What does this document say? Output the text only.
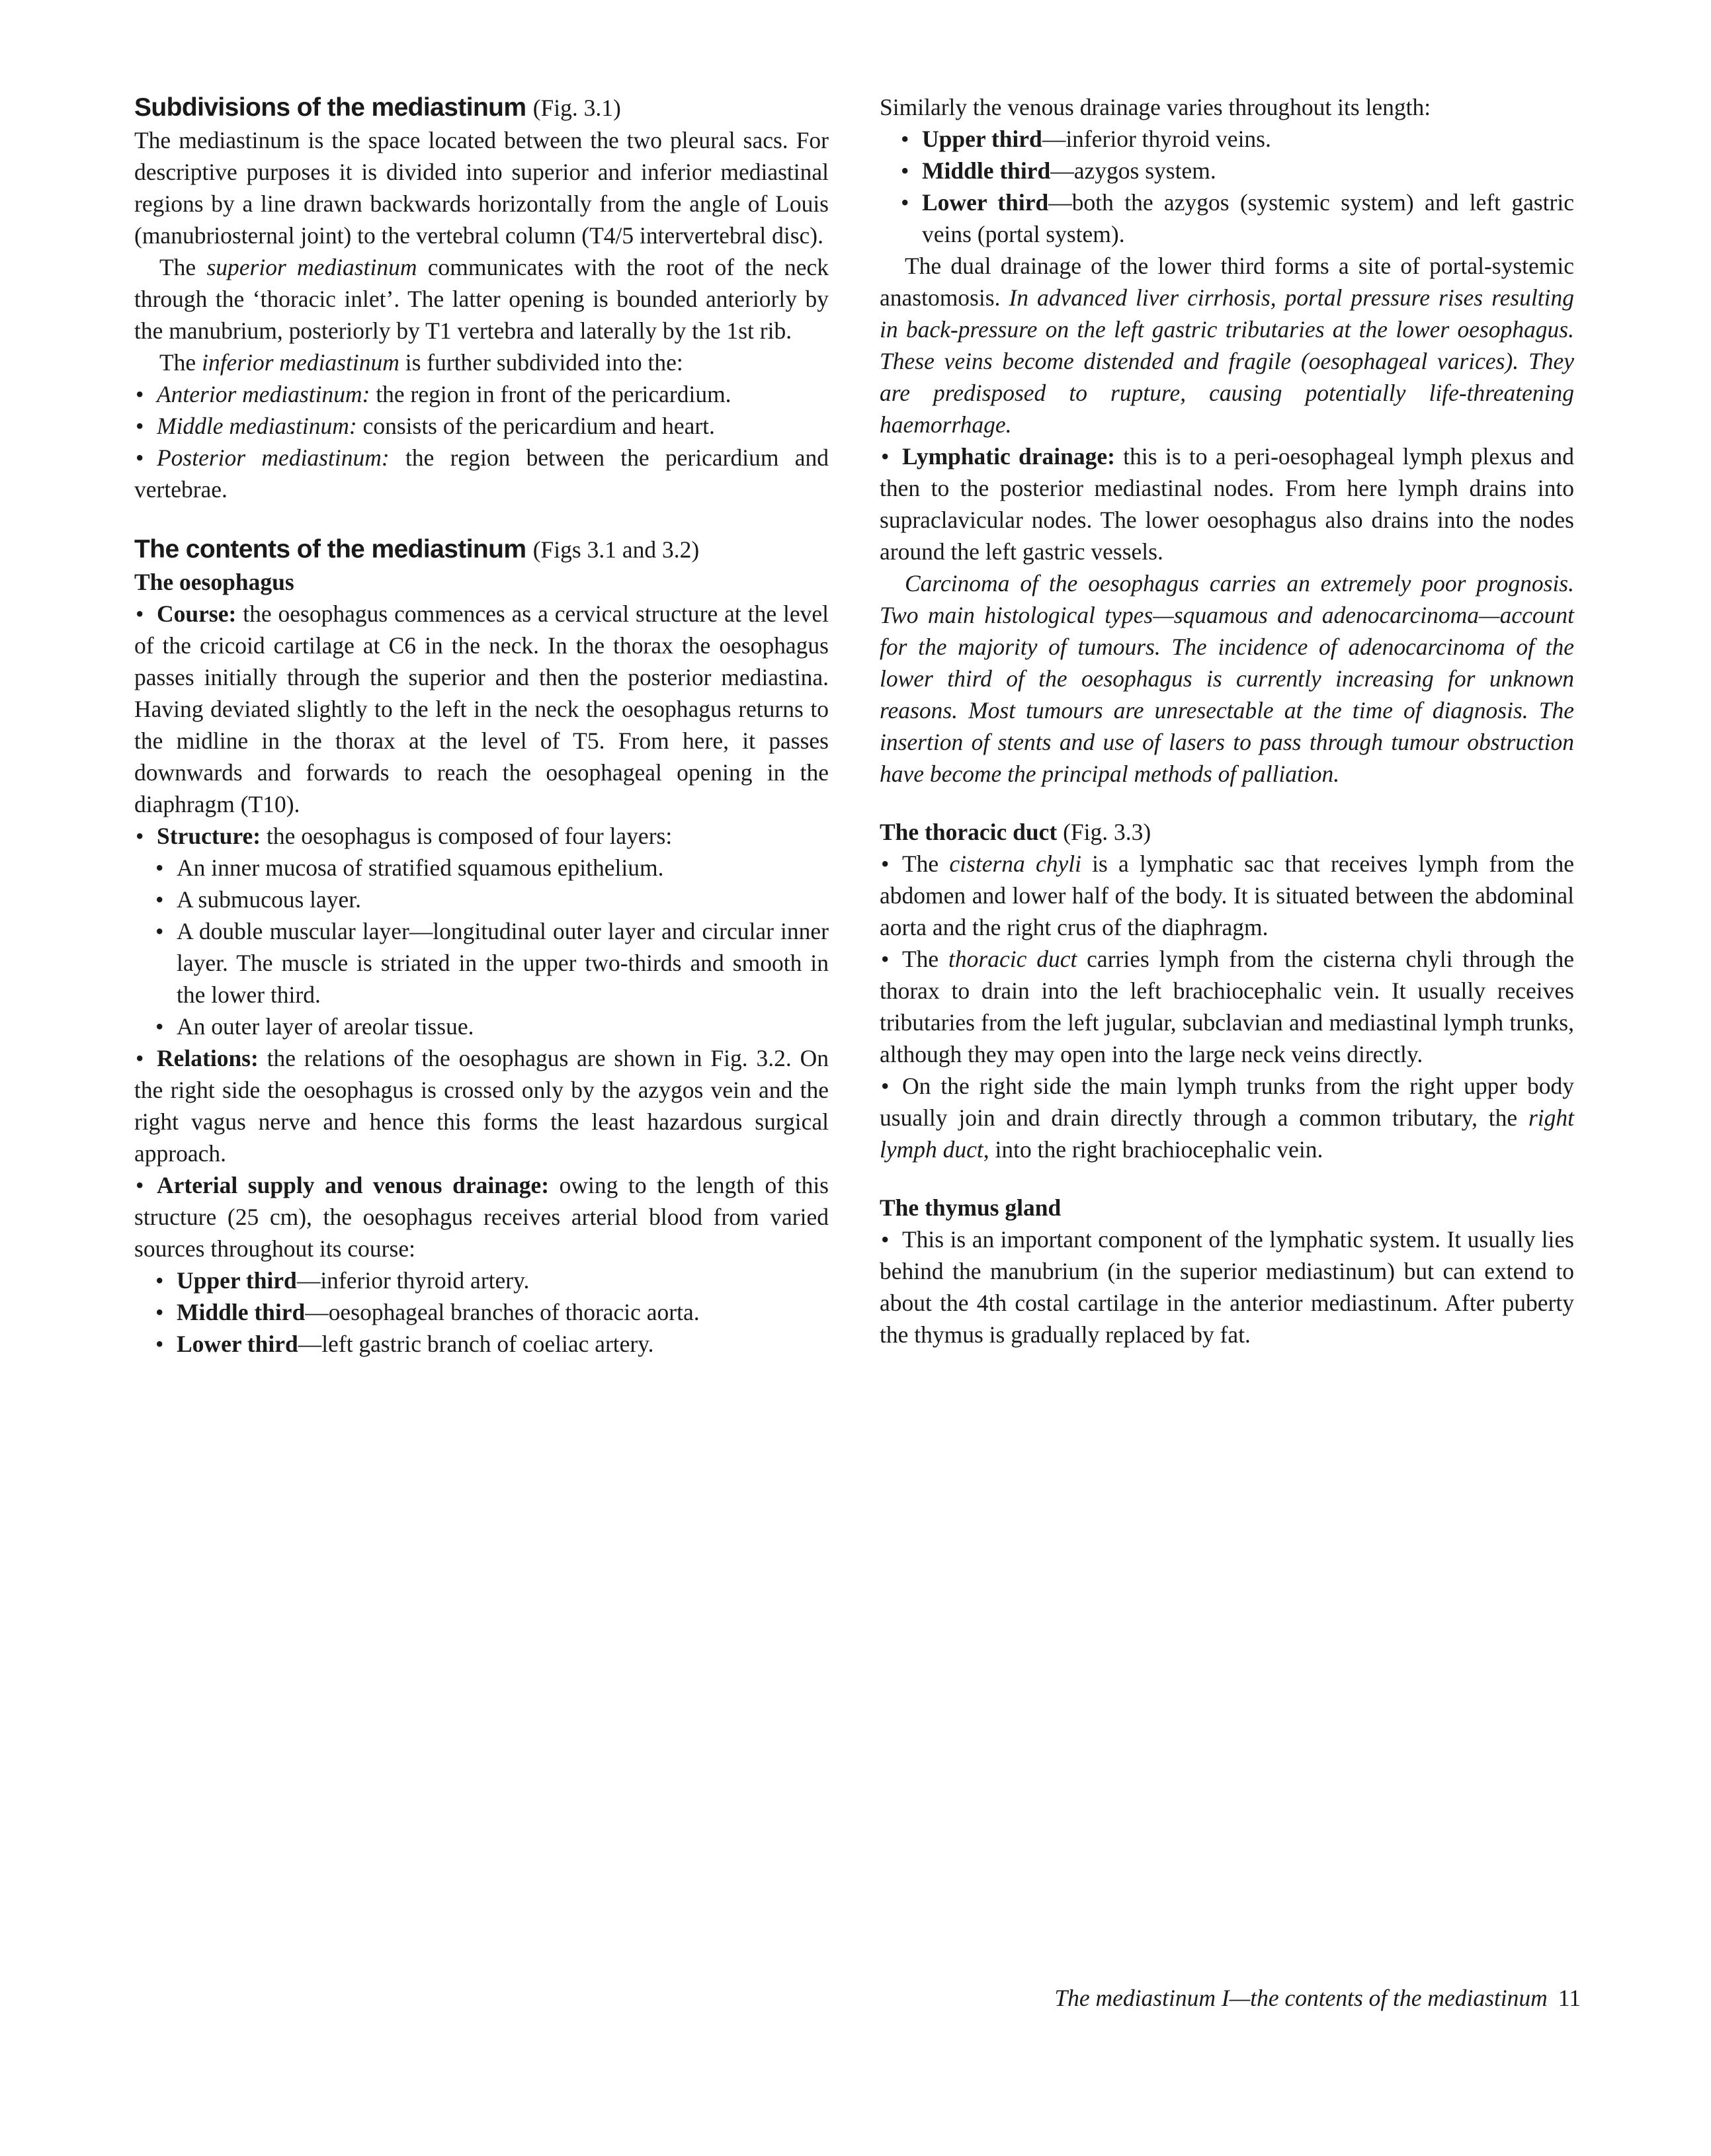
Subdivisions of the mediastinum (Fig. 3.1)

The mediastinum is the space located between the two pleural sacs. For descriptive purposes it is divided into superior and inferior mediastinal regions by a line drawn backwards horizontally from the angle of Louis (manubriosternal joint) to the vertebral column (T4/5 intervertebral disc).

The superior mediastinum communicates with the root of the neck through the ‘thoracic inlet’. The latter opening is bounded anteriorly by the manubrium, posteriorly by T1 vertebra and laterally by the 1st rib.

The inferior mediastinum is further subdivided into the:

• Anterior mediastinum: the region in front of the pericardium.
• Middle mediastinum: consists of the pericardium and heart.
• Posterior mediastinum: the region between the pericardium and vertebrae.
The contents of the mediastinum (Figs 3.1 and 3.2)
The oesophagus
• Course: the oesophagus commences as a cervical structure at the level of the cricoid cartilage at C6 in the neck. In the thorax the oesophagus passes initially through the superior and then the posterior mediastina. Having deviated slightly to the left in the neck the oesophagus returns to the midline in the thorax at the level of T5. From here, it passes downwards and forwards to reach the oesophageal opening in the diaphragm (T10).
• Structure: the oesophagus is composed of four layers:
• An inner mucosa of stratified squamous epithelium.
• A submucous layer.
• A double muscular layer—longitudinal outer layer and circular inner layer. The muscle is striated in the upper two-thirds and smooth in the lower third.
• An outer layer of areolar tissue.
• Relations: the relations of the oesophagus are shown in Fig. 3.2. On the right side the oesophagus is crossed only by the azygos vein and the right vagus nerve and hence this forms the least hazardous surgical approach.
• Arterial supply and venous drainage: owing to the length of this structure (25 cm), the oesophagus receives arterial blood from varied sources throughout its course:
• Upper third—inferior thyroid artery.
• Middle third—oesophageal branches of thoracic aorta.
• Lower third—left gastric branch of coeliac artery.

Similarly the venous drainage varies throughout its length:

• Upper third—inferior thyroid veins.
• Middle third—azygos system.
• Lower third—both the azygos (systemic system) and left gastric veins (portal system).

The dual drainage of the lower third forms a site of portal-systemic anastomosis. In advanced liver cirrhosis, portal pressure rises resulting in back-pressure on the left gastric tributaries at the lower oesophagus. These veins become distended and fragile (oesophageal varices). They are predisposed to rupture, causing potentially life-threatening haemorrhage.

• Lymphatic drainage: this is to a peri-oesophageal lymph plexus and then to the posterior mediastinal nodes. From here lymph drains into supraclavicular nodes. The lower oesophagus also drains into the nodes around the left gastric vessels.

Carcinoma of the oesophagus carries an extremely poor prognosis. Two main histological types—squamous and adenocarcinoma—account for the majority of tumours. The incidence of adenocarcinoma of the lower third of the oesophagus is currently increasing for unknown reasons. Most tumours are unresectable at the time of diagnosis. The insertion of stents and use of lasers to pass through tumour obstruction have become the principal methods of palliation.

The thoracic duct (Fig. 3.3)
• The cisterna chyli is a lymphatic sac that receives lymph from the abdomen and lower half of the body. It is situated between the abdominal aorta and the right crus of the diaphragm.
• The thoracic duct carries lymph from the cisterna chyli through the thorax to drain into the left brachiocephalic vein. It usually receives tributaries from the left jugular, subclavian and mediastinal lymph trunks, although they may open into the large neck veins directly.
• On the right side the main lymph trunks from the right upper body usually join and drain directly through a common tributary, the right lymph duct, into the right brachiocephalic vein.
The thymus gland
• This is an important component of the lymphatic system. It usually lies behind the manubrium (in the superior mediastinum) but can extend to about the 4th costal cartilage in the anterior mediastinum. After puberty the thymus is gradually replaced by fat.
The mediastinum I—the contents of the mediastinum 11
